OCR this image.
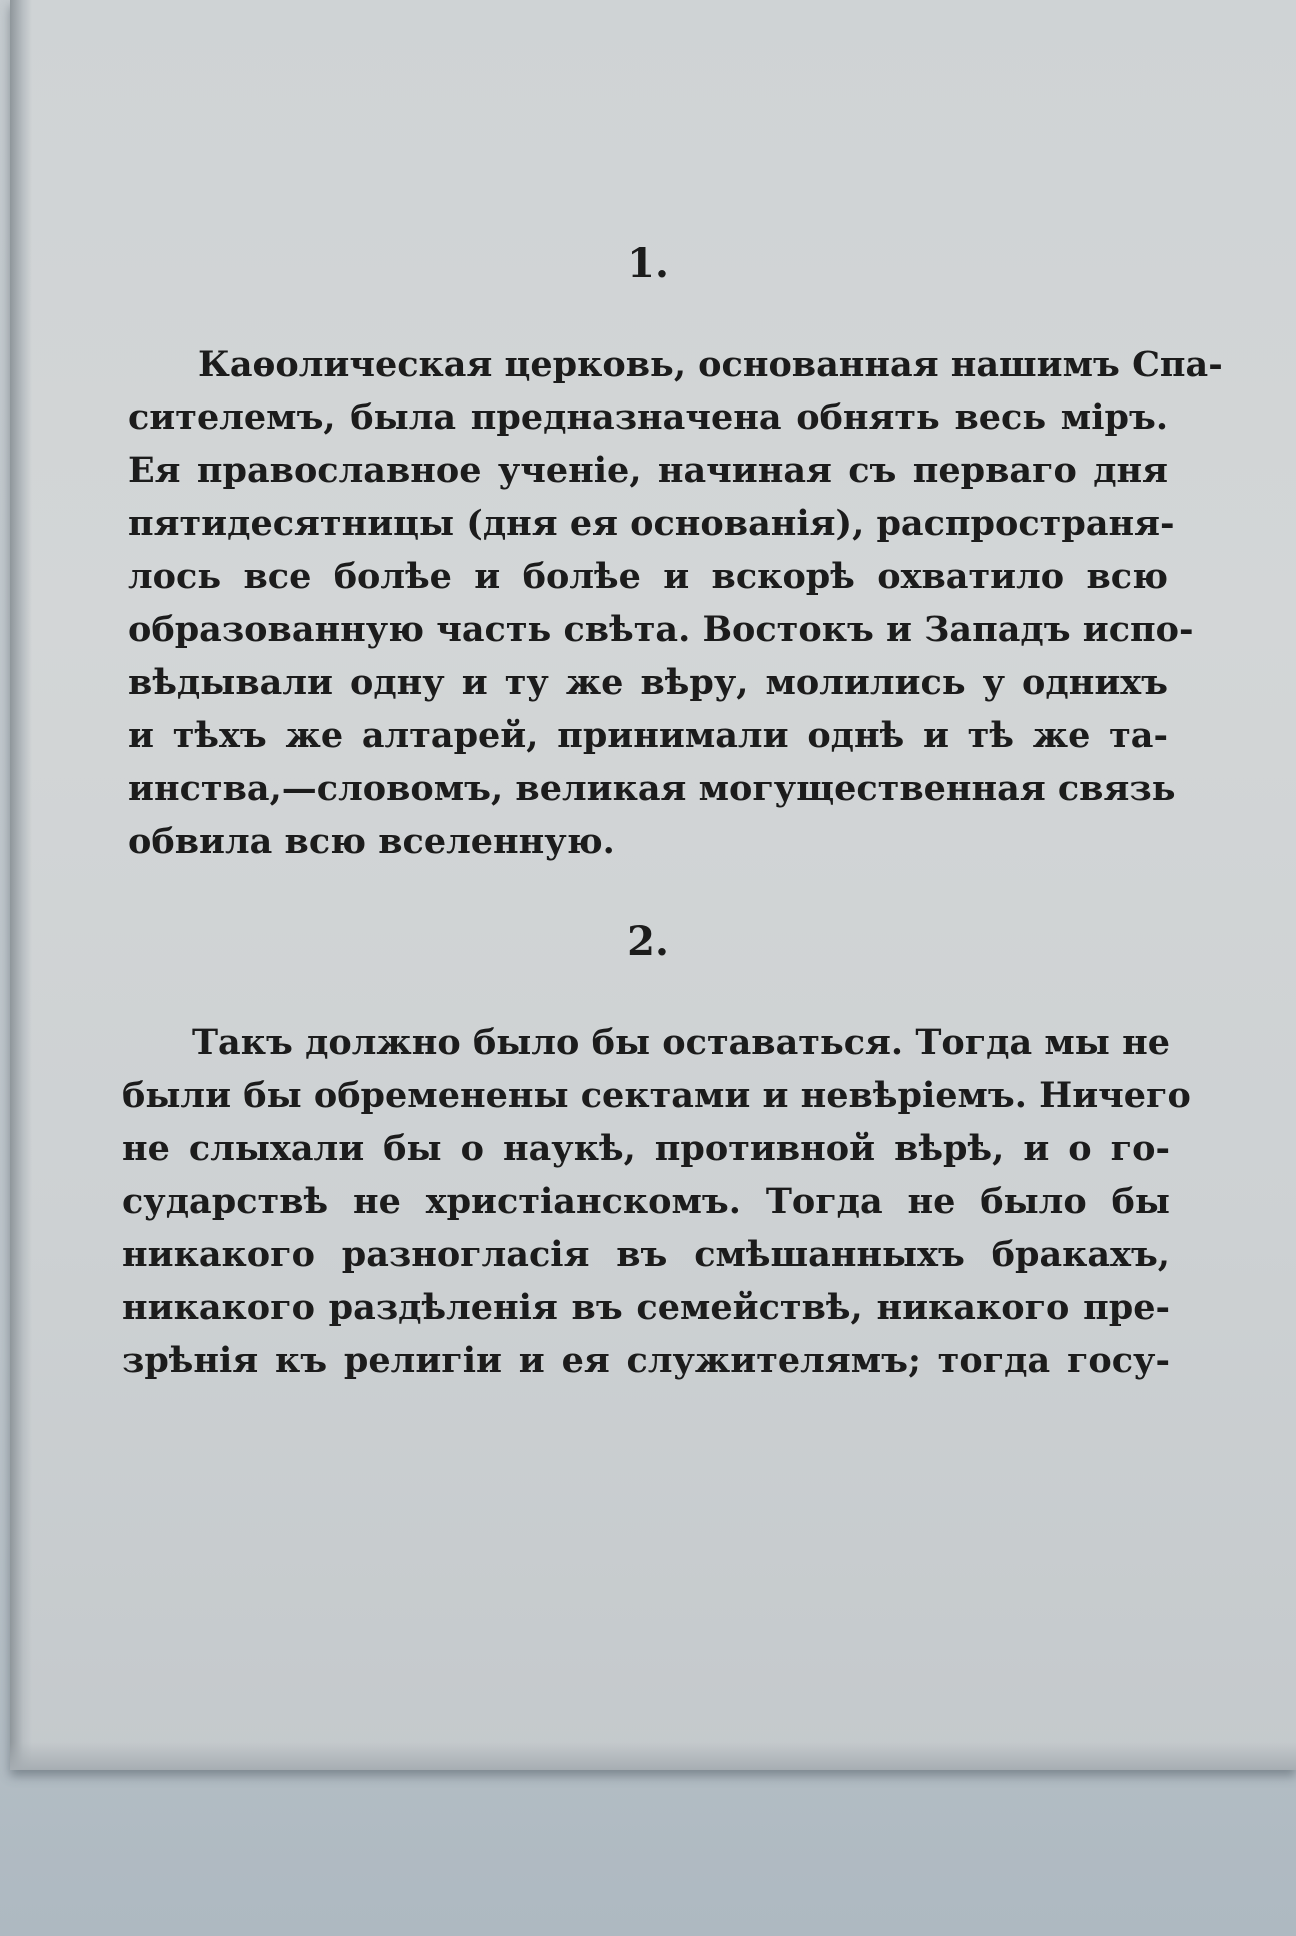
1.

Каѳолическая церковь, основанная нашимъ Спа-
сителемъ, была предназначена обнять весь міръ.
Ея православное ученіе, начиная съ перваго дня
пятидесятницы (дня ея основанія), распространя-
лось все болѣе и болѣе и вскорѣ охватило всю
образованную часть свѣта. Востокъ и Западъ испо-
вѣдывали одну и ту же вѣру, молились у однихъ
и тѣхъ же алтарей, принимали однѣ и тѣ же та-
инства,—словомъ, великая могущественная связь
обвила всю вселенную.

2.

Такъ должно было бы оставаться. Тогда мы не
были бы обременены сектами и невѣріемъ. Ничего
не слыхали бы о наукѣ, противной вѣрѣ, и о го-
сударствѣ не христіанскомъ. Тогда не было бы
никакого разногласія въ смѣшанныхъ бракахъ,
никакого раздѣленія въ семействѣ, никакого пре-
зрѣнія къ религіи и ея служителямъ; тогда госу-
